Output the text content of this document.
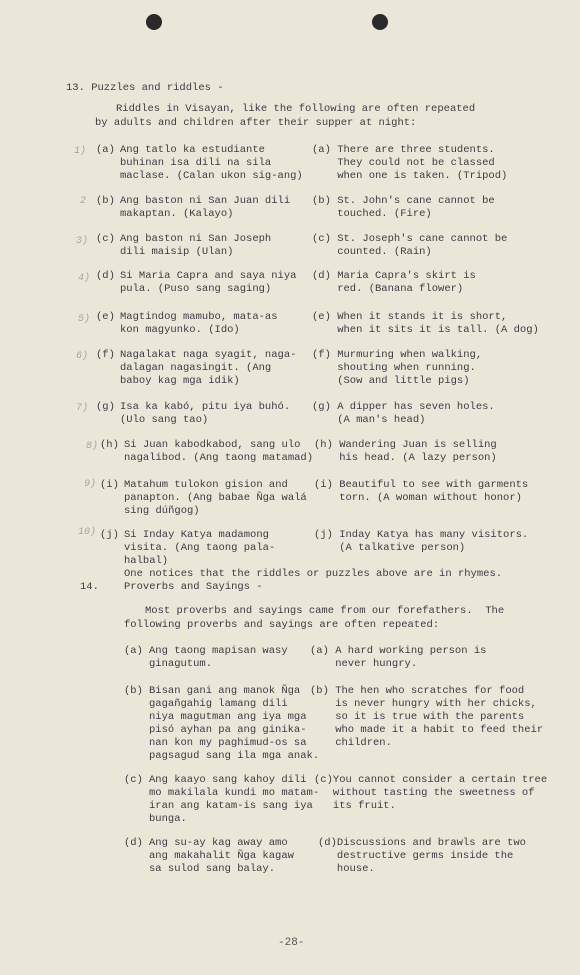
13. Puzzles and riddles -
Riddles in Visayan, like the following are often repeated
by adults and children after their supper at night:
1) (a) Ang tatlo ka estudiante
buhinan isa dili na sila
maclase. (Calan ukon sig-ang)
(a) There are three students.
They could not be classed
when one is taken. (Tripod)
2 (b) Ang baston ni San Juan dili
makaptan. (Kalayo)
(b) St. John's cane cannot be
touched. (Fire)
3) (c) Ang baston ni San Joseph
dili maisip (Ulan)
(c) St. Joseph's cane cannot be
counted. (Rain)
4) (d) Si Maria Capra and saya niya
pula. (Puso sang saging)
(d) Maria Capra's skirt is
red. (Banana flower)
5) (e) Magtindog mamubo, mata-as
kon magyunko. (Ido)
(e) When it stands it is short,
when it sits it is tall. (A dog)
6) (f) Nagalakat naga syagit, naga-
dalagan nagasingit. (Ang
baboy kag mga idik)
(f) Murmuring when walking,
shouting when running.
(Sow and little pigs)
7) (g) Isa ka kabó, pitu iya buhó.
(Ulo sang tao)
(g) A dipper has seven holes.
(A man's head)
8) (h) Si Juan kabodkabod, sang ulo
nagalibod. (Ang taong matamad)
(h) Wandering Juan is selling
his head. (A lazy person)
9) (i) Matahum tulokon gision and
panapton. (Ang babae Ñga walá
sing dúñgog)
(i) Beautiful to see with garments
torn. (A woman without honor)
10) (j) Si Inday Katya madamong
visita. (Ang taong pala-
halbal)
(j) Inday Katya has many visitors.
(A talkative person)
One notices that the riddles or puzzles above are in rhymes.
14. Proverbs and Sayings -
Most proverbs and sayings came from our forefathers.  The
following proverbs and sayings are often repeated:
(a) Ang taong mapisan wasy
ginagutum.
(a) A hard working person is
never hungry.
(b) Bisan gani ang manok Ñga
gagañgahig lamang dili
niya magutman ang iya mga
pisó ayhan pa ang ginika-
nan kon my paghimud-os sa
pagsagud sang ila mga anak.
(b) The hen who scratches for food
is never hungry with her chicks,
so it is true with the parents
who made it a habit to feed their
children.
(c) Ang kaayo sang kahoy dili
mo makilala kundi mo matam-
iran ang katam-is sang iya
bunga.
(c)You cannot consider a certain tree
without tasting the sweetness of
its fruit.
(d) Ang su-ay kag away amo
ang makahalit Ñga kagaw
sa sulod sang balay.
(d)Discussions and brawls are two
destructive germs inside the
house.
-28-
